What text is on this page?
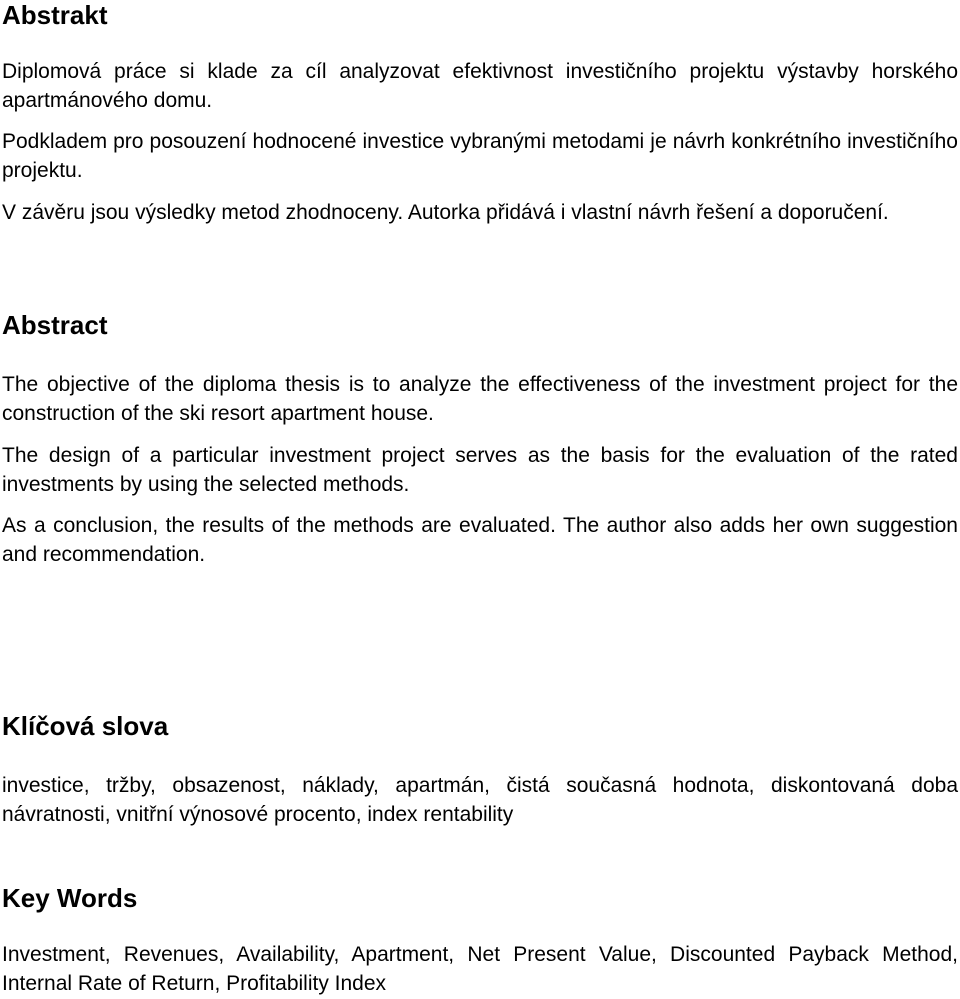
Abstrakt

Diplomová práce si klade za cíl analyzovat efektivnost investičního projektu výstavby horského apartmánového domu.

Podkladem pro posouzení hodnocené investice vybranými metodami je návrh konkrétního investičního projektu.

V závěru jsou výsledky metod zhodnoceny. Autorka přidává i vlastní návrh řešení a doporučení.

Abstract

The objective of the diploma thesis is to analyze the effectiveness of the investment project for the construction of the ski resort apartment house.

The design of a particular investment project serves as the basis for the evaluation of the rated investments by using the selected methods.

As a conclusion, the results of the methods are evaluated. The author also adds her own suggestion and recommendation.

Klíčová slova

investice, tržby, obsazenost, náklady, apartmán, čistá současná hodnota, diskontovaná doba návratnosti, vnitřní výnosové procento, index rentability

Key Words

Investment, Revenues, Availability, Apartment, Net Present Value, Discounted Payback Method, Internal Rate of Return, Profitability Index
